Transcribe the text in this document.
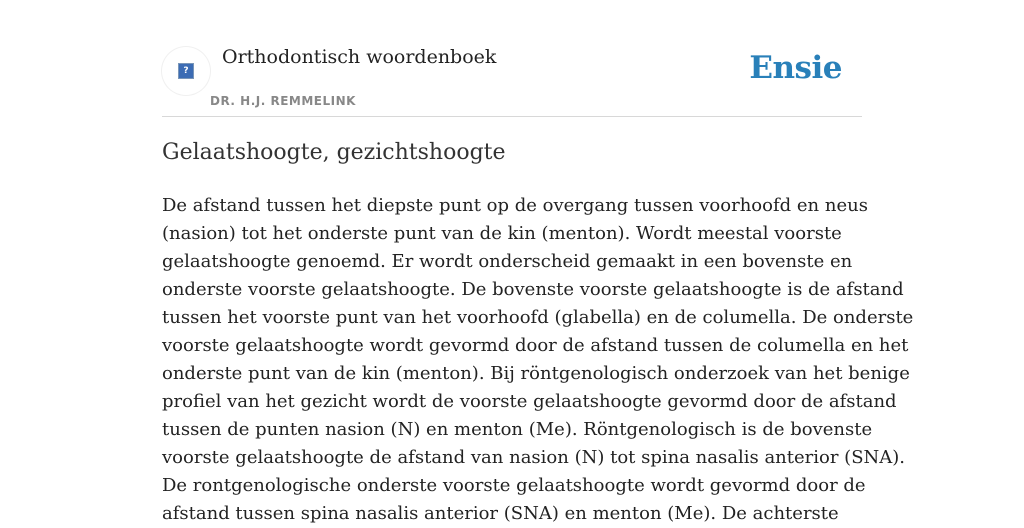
?
Orthodontisch woordenboek
DR. H.J. REMMELINK
Ensie
Gelaatshoogte, gezichtshoogte

De afstand tussen het diepste punt op de overgang tussen voorhoofd en neus
(nasion) tot het onderste punt van de kin (menton). Wordt meestal voorste
gelaatshoogte genoemd. Er wordt onderscheid gemaakt in een bovenste en
onderste voorste gelaatshoogte. De bovenste voorste gelaatshoogte is de afstand
tussen het voorste punt van het voorhoofd (glabella) en de columella. De onderste
voorste gelaatshoogte wordt gevormd door de afstand tussen de columella en het
onderste punt van de kin (menton). Bij röntgenologisch onderzoek van het benige
profiel van het gezicht wordt de voorste gelaatshoogte gevormd door de afstand
tussen de punten nasion (N) en menton (Me). Röntgenologisch is de bovenste
voorste gelaatshoogte de afstand van nasion (N) tot spina nasalis anterior (SNA).
De rontgenologische onderste voorste gelaatshoogte wordt gevormd door de
afstand tussen spina nasalis anterior (SNA) en menton (Me). De achterste
